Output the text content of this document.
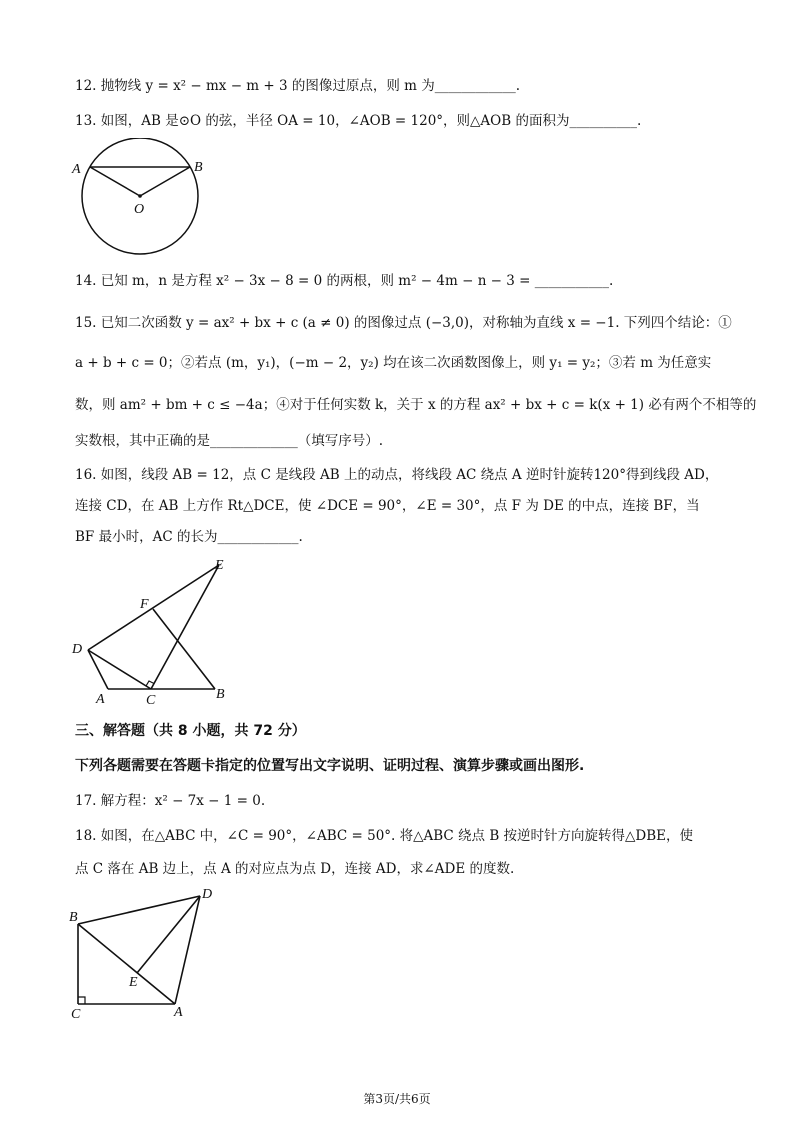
12. 抛物线 y = x² − mx − m + 3 的图像过原点，则 m 为____________.
13. 如图，AB 是⊙O 的弦，半径 OA = 10，∠AOB = 120°，则△AOB 的面积为__________.
A	B
O
14. 已知 m，n 是方程 x² − 3x − 8 = 0 的两根，则 m² − 4m − n − 3 = ___________.
15. 已知二次函数 y = ax² + bx + c (a ≠ 0) 的图像过点 (−3,0)，对称轴为直线 x = −1. 下列四个结论：①
a + b + c = 0；②若点 (m，y₁)，(−m − 2，y₂) 均在该二次函数图像上，则 y₁ = y₂；③若 m 为任意实
数，则 am² + bm + c ≤ −4a；④对于任何实数 k，关于 x 的方程 ax² + bx + c = k(x + 1) 必有两个不相等的
实数根，其中正确的是_____________（填写序号）.
16. 如图，线段 AB = 12，点 C 是线段 AB 上的动点，将线段 AC 绕点 A 逆时针旋转120°得到线段 AD，
连接 CD，在 AB 上方作 Rt△DCE，使 ∠DCE = 90°，∠E = 30°，点 F 为 DE 的中点，连接 BF，当
BF 最小时，AC 的长为____________.
E
F
D
A	C	B
三、解答题（共 8 小题，共 72 分）
下列各题需要在答题卡指定的位置写出文字说明、证明过程、演算步骤或画出图形.
17. 解方程：x² − 7x − 1 = 0.
18. 如图，在△ABC 中，∠C = 90°，∠ABC = 50°. 将△ABC 绕点 B 按逆时针方向旋转得△DBE，使
点 C 落在 AB 边上，点 A 的对应点为点 D，连接 AD，求∠ADE 的度数.
B
D
E
C	A
第3页/共6页
